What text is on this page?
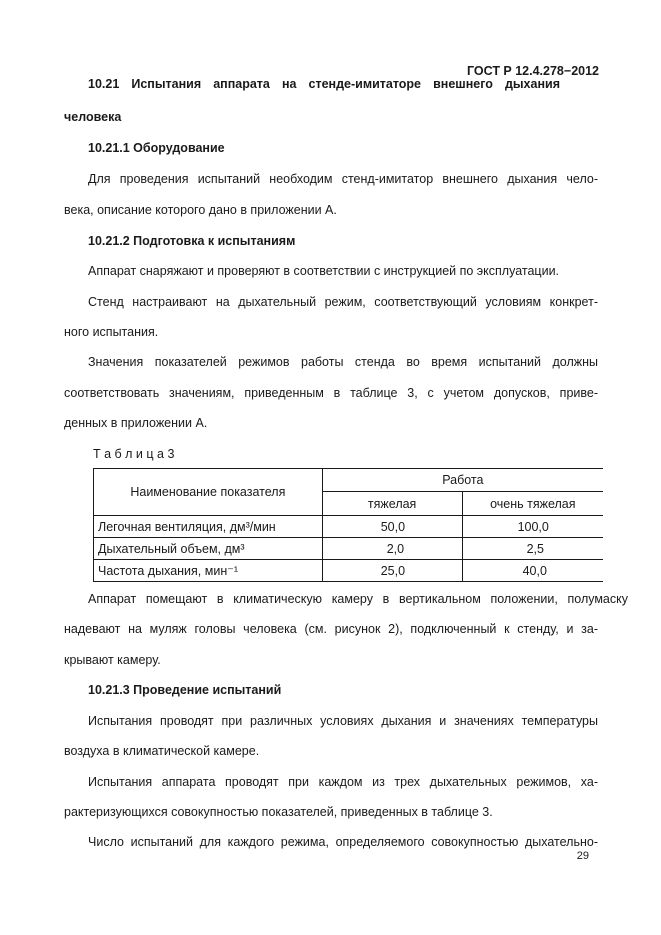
ГОСТ Р 12.4.278−2012
10.21 Испытания аппарата на стенде-имитаторе внешнего дыхания
человека
10.21.1 Оборудование
Для проведения испытаний необходим стенд-имитатор внешнего дыхания чело-
века, описание которого дано в приложении А.
10.21.2 Подготовка к испытаниям
Аппарат снаряжают и проверяют в соответствии с инструкцией по эксплуатации.
Стенд настраивают на дыхательный режим, соответствующий условиям конкрет-
ного испытания.
Значения показателей режимов работы стенда во время испытаний должны
соответствовать значениям, приведенным в таблице 3, с учетом допусков, приве-
денных в приложении А.
Т а б л и ц а 3
Наименование показателя	Работа	
	тяжелая	очень тяжелая
Легочная вентиляция, дм³/мин	50,0	100,0
Дыхательный объем, дм³	2,0	2,5
Частота дыхания, мин⁻¹	25,0	40,0
Аппарат помещают в климатическую камеру в вертикальном положении, полумаску
надевают на муляж головы человека (см. рисунок 2), подключенный к стенду, и за-
крывают камеру.
10.21.3 Проведение испытаний
Испытания проводят при различных условиях дыхания и значениях температуры
воздуха в климатической камере.
Испытания аппарата проводят при каждом из трех дыхательных режимов, ха-
рактеризующихся совокупностью показателей, приведенных в таблице 3.
Число испытаний для каждого режима, определяемого совокупностью дыхательно-
29
